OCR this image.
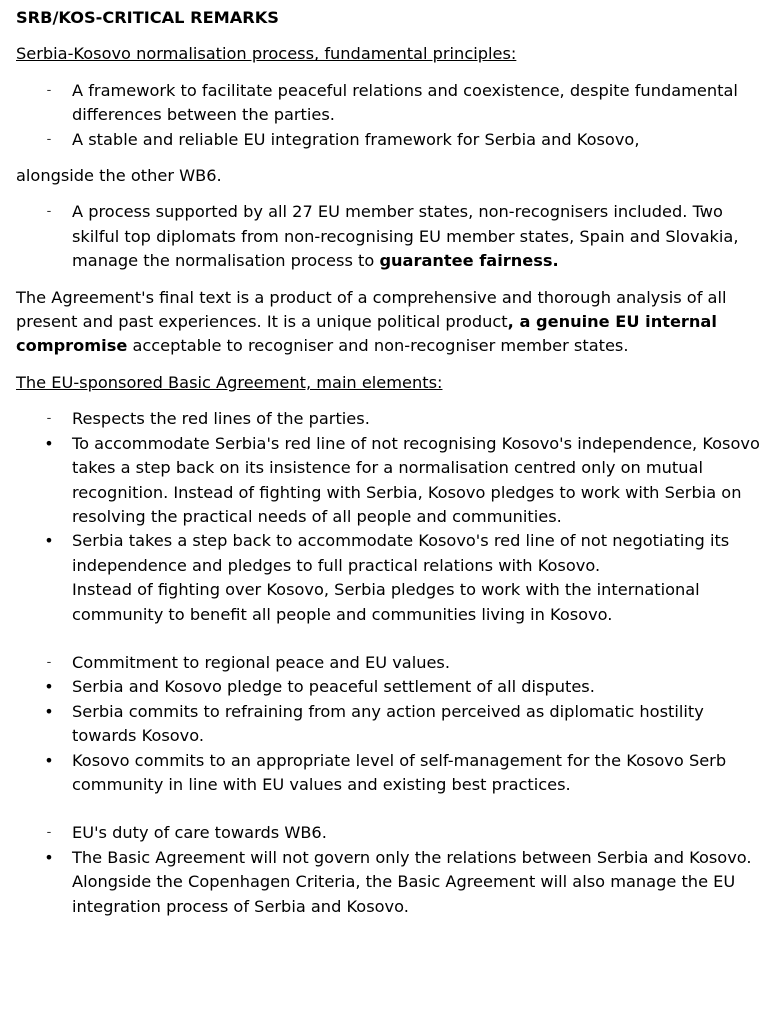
SRB/KOS-CRITICAL REMARKS
Serbia-Kosovo normalisation process, fundamental principles:
- A framework to facilitate peaceful relations and coexistence, despite fundamental differences between the parties.
- A stable and reliable EU integration framework for Serbia and Kosovo,

alongside the other WB6.

- A process supported by all 27 EU member states, non-recognisers included. Two skilful top diplomats from non-recognising EU member states, Spain and Slovakia, manage the normalisation process to guarantee fairness.

The Agreement's final text is a product of a comprehensive and thorough analysis of all present and past experiences. It is a unique political product, a genuine EU internal compromise acceptable to recogniser and non-recogniser member states.

The EU-sponsored Basic Agreement, main elements:
- Respects the red lines of the parties.
• To accommodate Serbia's red line of not recognising Kosovo's independence, Kosovo takes a step back on its insistence for a normalisation centred only on mutual recognition. Instead of fighting with Serbia, Kosovo pledges to work with Serbia on resolving the practical needs of all people and communities.
• Serbia takes a step back to accommodate Kosovo's red line of not negotiating its independence and pledges to full practical relations with Kosovo.
Instead of fighting over Kosovo, Serbia pledges to work with the international community to benefit all people and communities living in Kosovo.
- Commitment to regional peace and EU values.
• Serbia and Kosovo pledge to peaceful settlement of all disputes.
• Serbia commits to refraining from any action perceived as diplomatic hostility towards Kosovo.
• Kosovo commits to an appropriate level of self-management for the Kosovo Serb community in line with EU values and existing best practices.
- EU's duty of care towards WB6.
• The Basic Agreement will not govern only the relations between Serbia and Kosovo. Alongside the Copenhagen Criteria, the Basic Agreement will also manage the EU integration process of Serbia and Kosovo.
